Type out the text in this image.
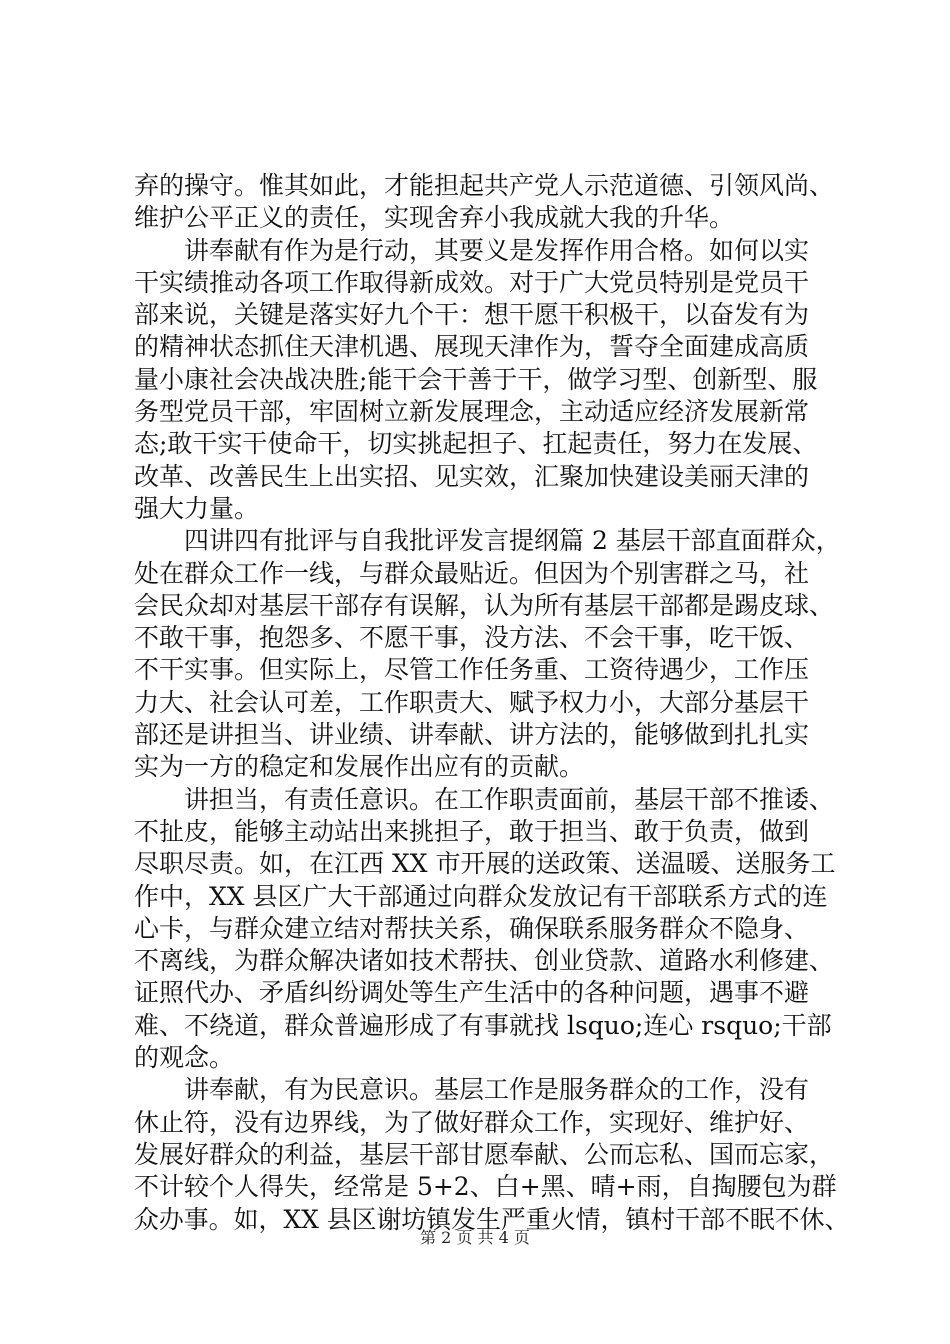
弃的操守。惟其如此，才能担起共产党人示范道德、引领风尚、
维护公平正义的责任，实现舍弃小我成就大我的升华。
讲奉献有作为是行动，其要义是发挥作用合格。如何以实
干实绩推动各项工作取得新成效。对于广大党员特别是党员干
部来说，关键是落实好九个干：想干愿干积极干，以奋发有为
的精神状态抓住天津机遇、展现天津作为，誓夺全面建成高质
量小康社会决战决胜;能干会干善于干，做学习型、创新型、服
务型党员干部，牢固树立新发展理念，主动适应经济发展新常
态;敢干实干使命干，切实挑起担子、扛起责任，努力在发展、
改革、改善民生上出实招、见实效，汇聚加快建设美丽天津的
强大力量。
四讲四有批评与自我批评发言提纲篇 2 基层干部直面群众，
处在群众工作一线，与群众最贴近。但因为个别害群之马，社
会民众却对基层干部存有误解，认为所有基层干部都是踢皮球、
不敢干事，抱怨多、不愿干事，没方法、不会干事，吃干饭、
不干实事。但实际上，尽管工作任务重、工资待遇少，工作压
力大、社会认可差，工作职责大、赋予权力小，大部分基层干
部还是讲担当、讲业绩、讲奉献、讲方法的，能够做到扎扎实
实为一方的稳定和发展作出应有的贡献。
讲担当，有责任意识。在工作职责面前，基层干部不推诿、
不扯皮，能够主动站出来挑担子，敢于担当、敢于负责，做到
尽职尽责。如，在江西 XX 市开展的送政策、送温暖、送服务工
作中，XX 县区广大干部通过向群众发放记有干部联系方式的连
心卡，与群众建立结对帮扶关系，确保联系服务群众不隐身、
不离线，为群众解决诸如技术帮扶、创业贷款、道路水利修建、
证照代办、矛盾纠纷调处等生产生活中的各种问题，遇事不避
难、不绕道，群众普遍形成了有事就找 lsquo;连心 rsquo;干部
的观念。
讲奉献，有为民意识。基层工作是服务群众的工作，没有
休止符，没有边界线，为了做好群众工作，实现好、维护好、
发展好群众的利益，基层干部甘愿奉献、公而忘私、国而忘家，
不计较个人得失，经常是 5+2、白+黑、晴+雨，自掏腰包为群
众办事。如，XX 县区谢坊镇发生严重火情，镇村干部不眠不休、
第 2 页 共 4 页
